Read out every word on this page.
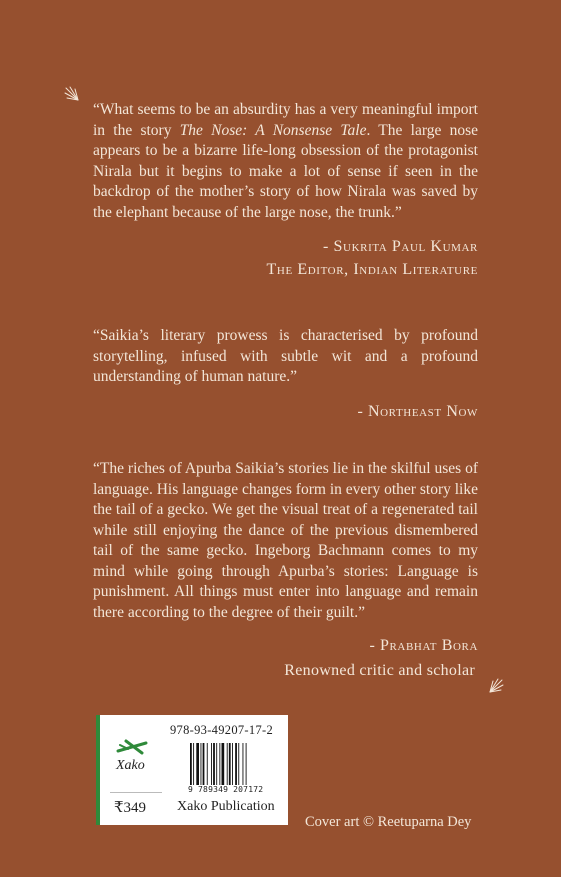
“What seems to be an absurdity has a very meaningful import in the story The Nose: A Nonsense Tale. The large nose appears to be a bizarre life-long obsession of the protagonist Nirala but it begins to make a lot of sense if seen in the backdrop of the mother’s story of how Nirala was saved by the elephant because of the large nose, the trunk.”
- Sukrita Paul Kumar
The Editor, Indian Literature
“Saikia’s literary prowess is characterised by profound storytelling, infused with subtle wit and a profound understanding of human nature.”
- Northeast Now
“The riches of Apurba Saikia’s stories lie in the skilful uses of language. His language changes form in every other story like the tail of a gecko. We get the visual treat of a regenerated tail while still enjoying the dance of the previous dismembered tail of the same gecko. Ingeborg Bachmann comes to my mind while going through Apurba’s stories: Language is punishment. All things must enter into language and remain there according to the degree of their guilt.”
- Prabhat Bora
Renowned critic and scholar
978-93-49207-17-2
Xako
₹349
9 789349 207172
Xako Publication
Cover art © Reetuparna Dey
